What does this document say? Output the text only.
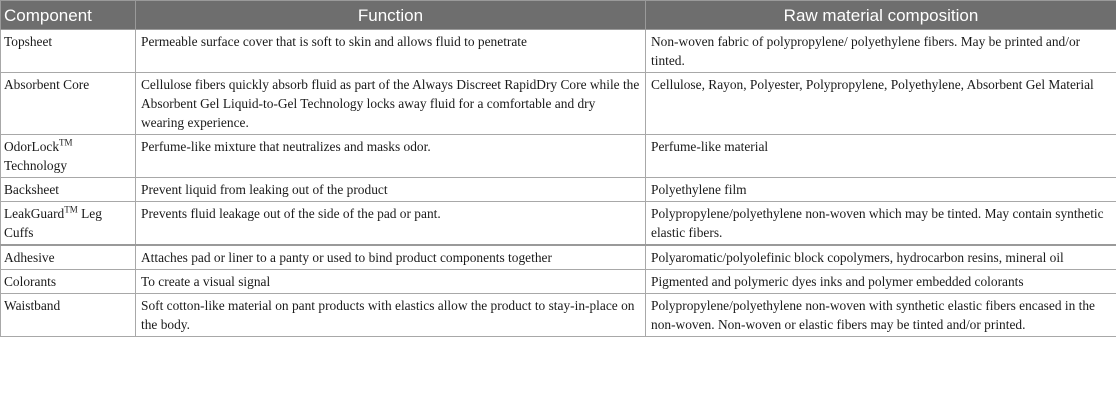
Component	Function	Raw material composition
Topsheet	Permeable surface cover that is soft to skin and allows fluid to penetrate	Non-woven fabric of polypropylene/ polyethylene fibers. May be printed and/or tinted.
Absorbent Core	Cellulose fibers quickly absorb fluid as part of the Always Discreet RapidDry Core while the Absorbent Gel Liquid-to-Gel Technology locks away fluid for a comfortable and dry wearing experience.	Cellulose, Rayon, Polyester, Polypropylene, Polyethylene, Absorbent Gel Material
OdorLock™ Technology	Perfume-like mixture that neutralizes and masks odor.	Perfume-like material
Backsheet	Prevent liquid from leaking out of the product	Polyethylene film
LeakGuard™ Leg Cuffs	Prevents fluid leakage out of the side of the pad or pant.	Polypropylene/polyethylene non-woven which may be tinted. May contain synthetic elastic fibers.
Adhesive	Attaches pad or liner to a panty or used to bind product components together	Polyaromatic/polyolefinic block copolymers, hydrocarbon resins, mineral oil
Colorants	To create a visual signal	Pigmented and polymeric dyes inks and polymer embedded colorants
Waistband	Soft cotton-like material on pant products with elastics allow the product to stay-in-place on the body.	Polypropylene/polyethylene non-woven with synthetic elastic fibers encased in the non-woven. Non-woven or elastic fibers may be tinted and/or printed.
